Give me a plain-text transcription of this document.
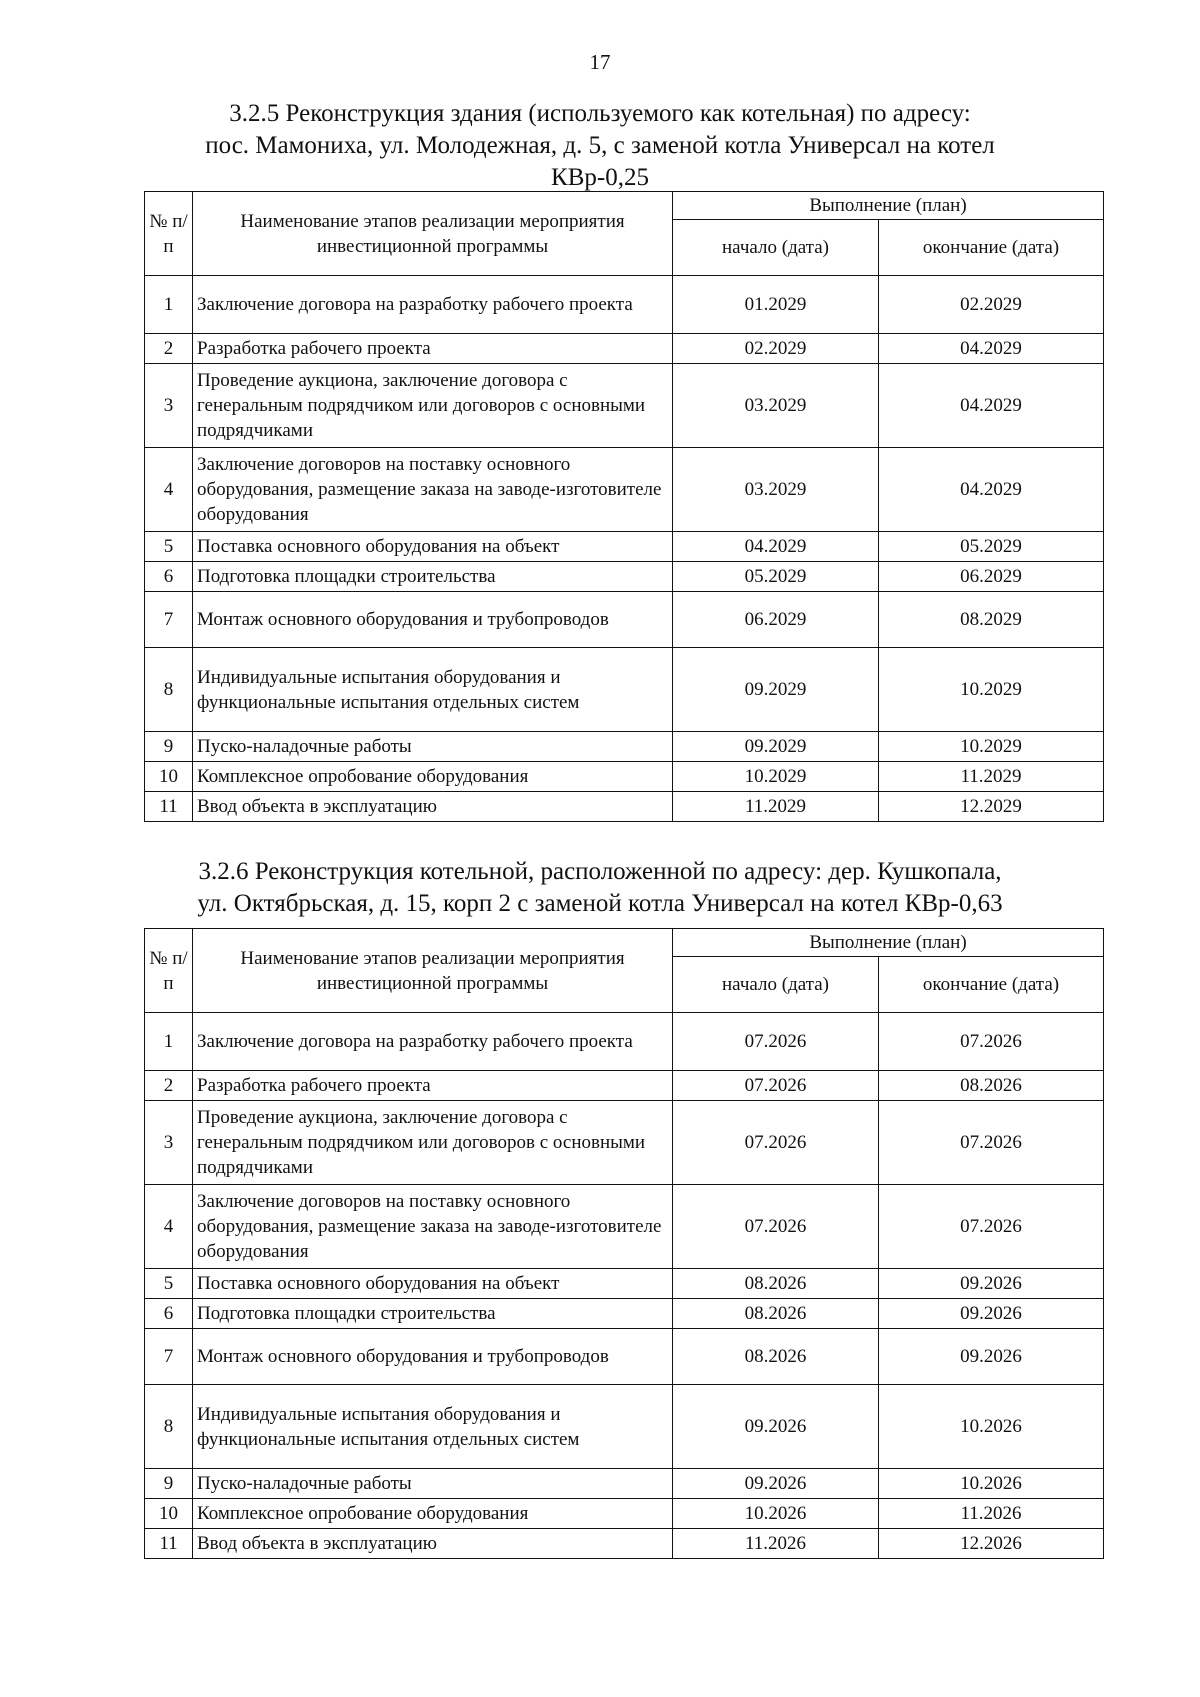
17
3.2.5 Реконструкция здания (используемого как котельная) по адресу:
пос. Мамониха, ул. Молодежная, д. 5, с заменой котла Универсал на котел
КВр-0,25
№ п/п	Наименование этапов реализации мероприятия инвестиционной программы	Выполнение (план)	
		начало (дата)	окончание (дата)
1	Заключение договора на разработку рабочего проекта	01.2029	02.2029
2	Разработка рабочего проекта	02.2029	04.2029
3	Проведение аукциона, заключение договора с генеральным подрядчиком или договоров с основными подрядчиками	03.2029	04.2029
4	Заключение договоров на поставку основного оборудования, размещение заказа на заводе-изготовителе оборудования	03.2029	04.2029
5	Поставка основного оборудования на объект	04.2029	05.2029
6	Подготовка площадки строительства	05.2029	06.2029
7	Монтаж основного оборудования и трубопроводов	06.2029	08.2029
8	Индивидуальные испытания оборудования и функциональные испытания отдельных систем	09.2029	10.2029
9	Пуско-наладочные работы	09.2029	10.2029
10	Комплексное опробование оборудования	10.2029	11.2029
11	Ввод объекта в эксплуатацию	11.2029	12.2029
3.2.6 Реконструкция котельной, расположенной по адресу: дер. Кушкопала,
ул. Октябрьская, д. 15, корп 2 с заменой котла Универсал на котел КВр-0,63
№ п/п	Наименование этапов реализации мероприятия инвестиционной программы	Выполнение (план)	
		начало (дата)	окончание (дата)
1	Заключение договора на разработку рабочего проекта	07.2026	07.2026
2	Разработка рабочего проекта	07.2026	08.2026
3	Проведение аукциона, заключение договора с генеральным подрядчиком или договоров с основными подрядчиками	07.2026	07.2026
4	Заключение договоров на поставку основного оборудования, размещение заказа на заводе-изготовителе оборудования	07.2026	07.2026
5	Поставка основного оборудования на объект	08.2026	09.2026
6	Подготовка площадки строительства	08.2026	09.2026
7	Монтаж основного оборудования и трубопроводов	08.2026	09.2026
8	Индивидуальные испытания оборудования и функциональные испытания отдельных систем	09.2026	10.2026
9	Пуско-наладочные работы	09.2026	10.2026
10	Комплексное опробование оборудования	10.2026	11.2026
11	Ввод объекта в эксплуатацию	11.2026	12.2026
